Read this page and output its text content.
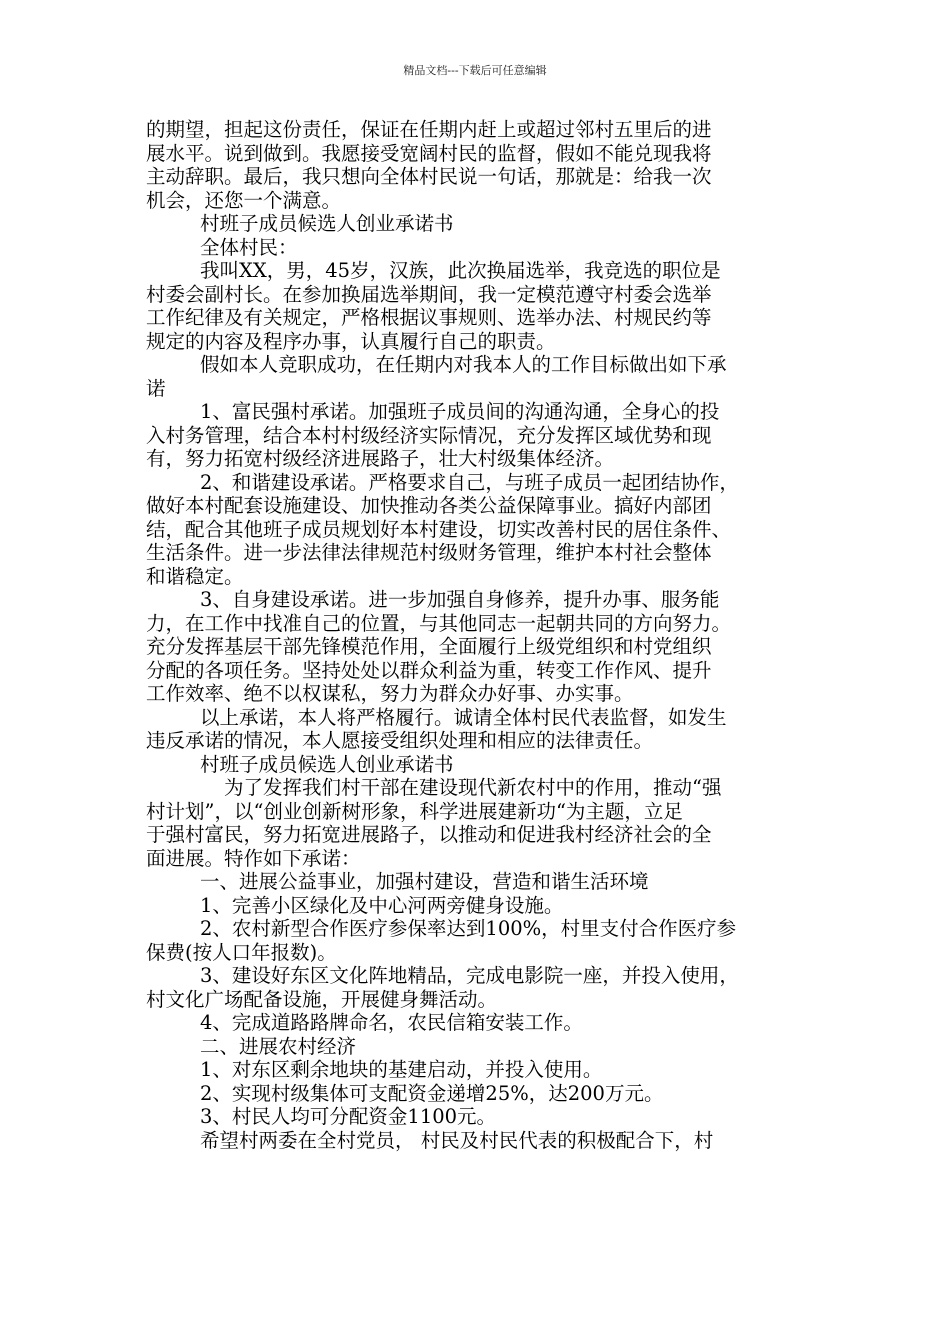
精品文档---下载后可任意编辑
的期望，担起这份责任，保证在任期内赶上或超过邻村五里后的进
展水平。说到做到。我愿接受宽阔村民的监督，假如不能兑现我将
主动辞职。最后，我只想向全体村民说一句话，那就是：给我一次
机会，还您一个满意。
村班子成员候选人创业承诺书
全体村民：
我叫XX，男，45岁，汉族，此次换届选举，我竞选的职位是
村委会副村长。在参加换届选举期间，我一定模范遵守村委会选举
工作纪律及有关规定，严格根据议事规则、选举办法、村规民约等
规定的内容及程序办事，认真履行自己的职责。
假如本人竞职成功，在任期内对我本人的工作目标做出如下承
诺
1、富民强村承诺。加强班子成员间的沟通沟通，全身心的投
入村务管理，结合本村村级经济实际情况，充分发挥区域优势和现
有，努力拓宽村级经济进展路子，壮大村级集体经济。
2、和谐建设承诺。严格要求自己，与班子成员一起团结协作，
做好本村配套设施建设、加快推动各类公益保障事业。搞好内部团
结，配合其他班子成员规划好本村建设，切实改善村民的居住条件、
生活条件。进一步法律法律规范村级财务管理，维护本村社会整体
和谐稳定。
3、自身建设承诺。进一步加强自身修养，提升办事、服务能
力，在工作中找准自己的位置，与其他同志一起朝共同的方向努力。
充分发挥基层干部先锋模范作用，全面履行上级党组织和村党组织
分配的各项任务。坚持处处以群众利益为重，转变工作作风、提升
工作效率、绝不以权谋私，努力为群众办好事、办实事。
以上承诺，本人将严格履行。诚请全体村民代表监督，如发生
违反承诺的情况，本人愿接受组织处理和相应的法律责任。
村班子成员候选人创业承诺书
为了发挥我们村干部在建设现代新农村中的作用，推动“强
村计划”，以“创业创新树形象，科学进展建新功“为主题，立足
于强村富民，努力拓宽进展路子，以推动和促进我村经济社会的全
面进展。特作如下承诺：
一、进展公益事业，加强村建设，营造和谐生活环境
1、完善小区绿化及中心河两旁健身设施。
2、农村新型合作医疗参保率达到100%，村里支付合作医疗参
保费(按人口年报数)。
3、建设好东区文化阵地精品，完成电影院一座，并投入使用，
村文化广场配备设施，开展健身舞活动。
4、完成道路路牌命名，农民信箱安装工作。
二、进展农村经济
1、对东区剩余地块的基建启动，并投入使用。
2、实现村级集体可支配资金递增25%，达200万元。
3、村民人均可分配资金1100元。
希望村两委在全村党员， 村民及村民代表的积极配合下，村
